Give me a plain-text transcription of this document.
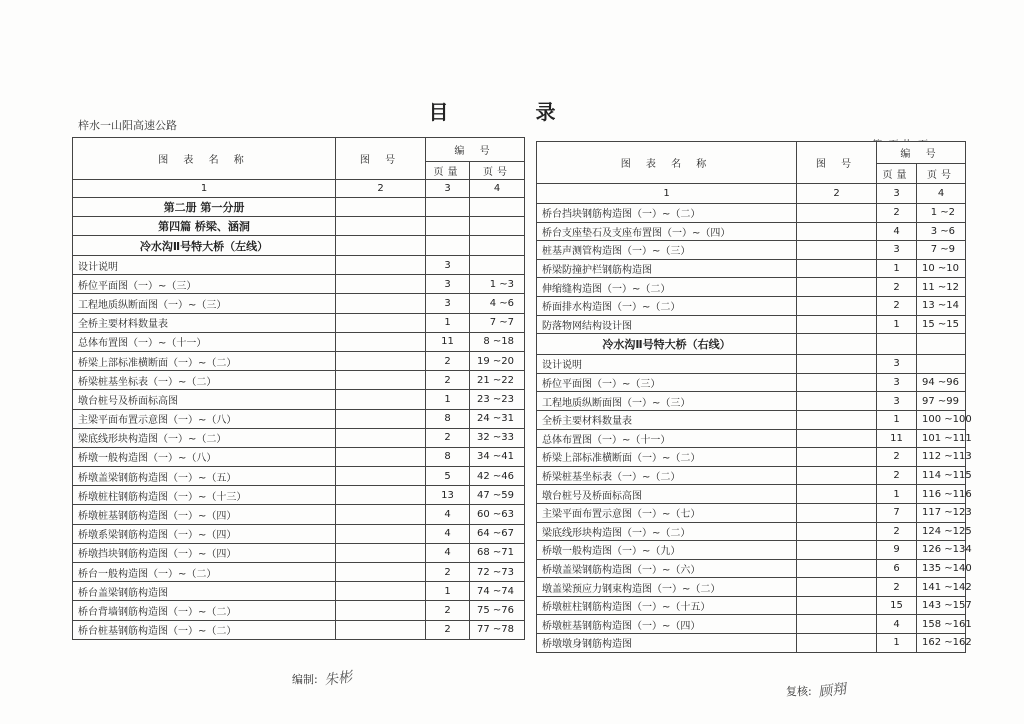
目 录
梓水一山阳高速公路
图 表 名 称	图 号	编 号	
		页量	页号
1	2	3	4
第二册 第一分册			
第四篇 桥梁、涵洞			
冷水沟Ⅱ号特大桥（左线）			
设计说明		3	
桥位平面图（一）~（三）		3	1 ~3
工程地质纵断面图（一）~（三）		3	4 ~6
全桥主要材料数量表		1	7 ~7
总体布置图（一）~（十一）		11	8 ~18
桥梁上部标准横断面（一）~（二）		2	19 ~20
桥梁桩基坐标表（一）~（二）		2	21 ~22
墩台桩号及桥面标高图		1	23 ~23
主梁平面布置示意图（一）~（八）		8	24 ~31
梁底线形块构造图（一）~（二）		2	32 ~33
桥墩一般构造图（一）~（八）		8	34 ~41
桥墩盖梁钢筋构造图（一）~（五）		5	42 ~46
桥墩桩柱钢筋构造图（一）~（十三）		13	47 ~59
桥墩桩基钢筋构造图（一）~（四）		4	60 ~63
桥墩系梁钢筋构造图（一）~（四）		4	64 ~67
桥墩挡块钢筋构造图（一）~（四）		4	68 ~71
桥台一般构造图（一）~（二）		2	72 ~73
桥台盖梁钢筋构造图		1	74 ~74
桥台背墙钢筋构造图（一）~（二）		2	75 ~76
桥台桩基钢筋构造图（一）~（二）		2	77 ~78
图 表 名 称	图 号	编 号	
		页量	页号
1	2	3	4
桥台挡块钢筋构造图（一）~（二）		2	1 ~2
桥台支座垫石及支座布置图（一）~（四）		4	3 ~6
桩基声测管构造图（一）~（三）		3	7 ~9
桥梁防撞护栏钢筋构造图		1	10 ~10
伸缩缝构造图（一）~（二）		2	11 ~12
桥面排水构造图（一）~（二）		2	13 ~14
防落物网结构设计图		1	15 ~15
冷水沟Ⅱ号特大桥（右线）			
设计说明		3	
桥位平面图（一）~（三）		3	94 ~96
工程地质纵断面图（一）~（三）		3	97 ~99
全桥主要材料数量表		1	100 ~100
总体布置图（一）~（十一）		11	101 ~111
桥梁上部标准横断面（一）~（二）		2	112 ~113
桥梁桩基坐标表（一）~（二）		2	114 ~115
墩台桩号及桥面标高图		1	116 ~116
主梁平面布置示意图（一）~（七）		7	117 ~123
梁底线形块构造图（一）~（二）		2	124 ~125
桥墩一般构造图（一）~（九）		9	126 ~134
桥墩盖梁钢筋构造图（一）~（六）		6	135 ~140
墩盖梁预应力钢束构造图（一）~（二）		2	141 ~142
桥墩桩柱钢筋构造图（一）~（十五）		15	143 ~157
桥墩桩基钢筋构造图（一）~（四）		4	158 ~161
桥墩墩身钢筋构造图		1	162 ~162
编制: 朱彬
复核: 顾翔
